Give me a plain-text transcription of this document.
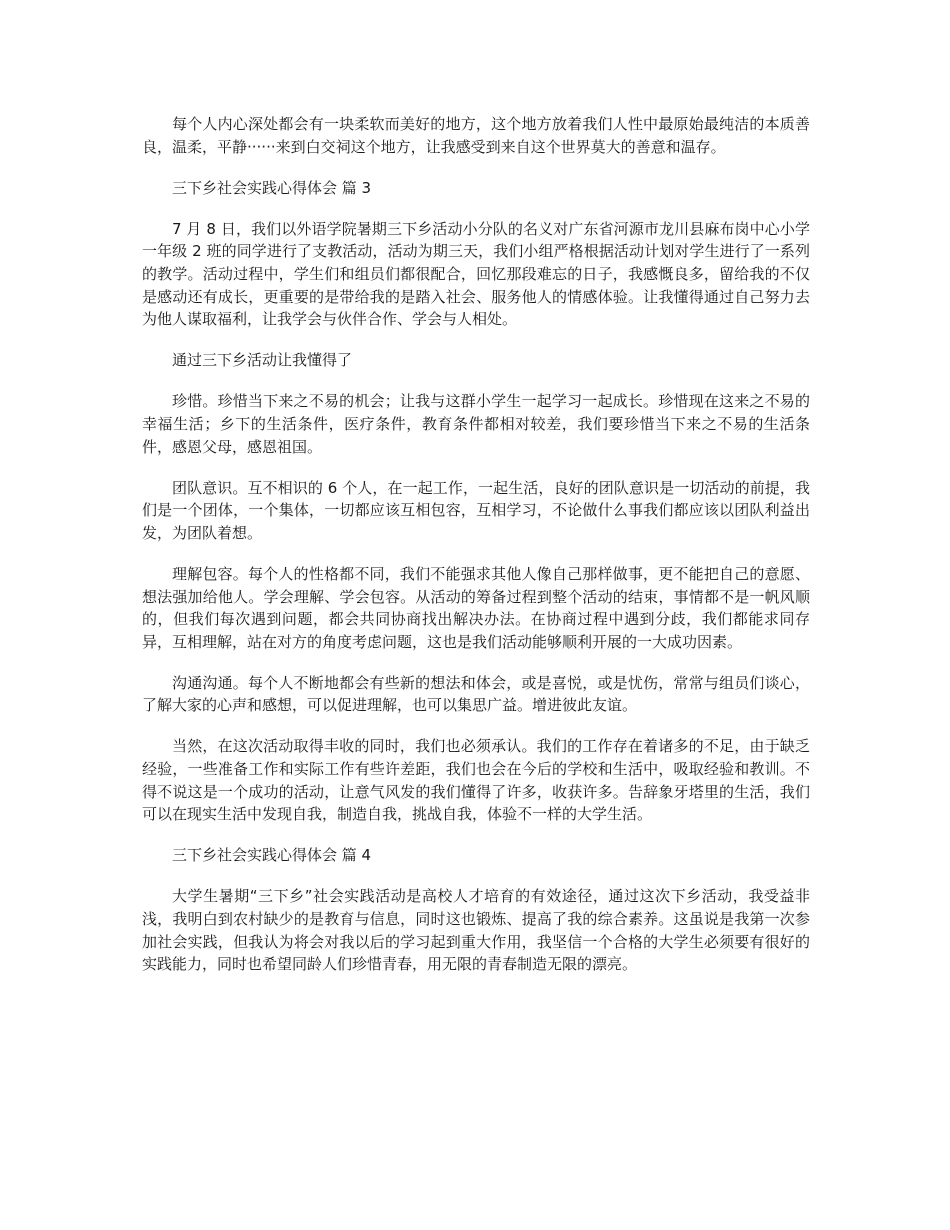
每个人内心深处都会有一块柔软而美好的地方，这个地方放着我们人性中最原始最纯洁的本质善良，温柔，平静······来到白交祠这个地方，让我感受到来自这个世界莫大的善意和温存。

三下乡社会实践心得体会 篇 3

7 月 8 日，我们以外语学院暑期三下乡活动小分队的名义对广东省河源市龙川县麻布岗中心小学一年级 2 班的同学进行了支教活动，活动为期三天，我们小组严格根据活动计划对学生进行了一系列的教学。活动过程中，学生们和组员们都很配合，回忆那段难忘的日子，我感慨良多，留给我的不仅是感动还有成长，更重要的是带给我的是踏入社会、服务他人的情感体验。让我懂得通过自己努力去为他人谋取福利，让我学会与伙伴合作、学会与人相处。

通过三下乡活动让我懂得了

珍惜。珍惜当下来之不易的机会；让我与这群小学生一起学习一起成长。珍惜现在这来之不易的幸福生活；乡下的生活条件，医疗条件，教育条件都相对较差，我们要珍惜当下来之不易的生活条件，感恩父母，感恩祖国。

团队意识。互不相识的 6 个人，在一起工作，一起生活，良好的团队意识是一切活动的前提，我们是一个团体，一个集体，一切都应该互相包容，互相学习，不论做什么事我们都应该以团队利益出发，为团队着想。

理解包容。每个人的性格都不同，我们不能强求其他人像自己那样做事，更不能把自己的意愿、想法强加给他人。学会理解、学会包容。从活动的筹备过程到整个活动的结束，事情都不是一帆风顺的，但我们每次遇到问题，都会共同协商找出解决办法。在协商过程中遇到分歧，我们都能求同存异，互相理解，站在对方的角度考虑问题，这也是我们活动能够顺利开展的一大成功因素。

沟通沟通。每个人不断地都会有些新的想法和体会，或是喜悦，或是忧伤，常常与组员们谈心，了解大家的心声和感想，可以促进理解，也可以集思广益。增进彼此友谊。

当然，在这次活动取得丰收的同时，我们也必须承认。我们的工作存在着诸多的不足，由于缺乏经验，一些准备工作和实际工作有些许差距，我们也会在今后的学校和生活中，吸取经验和教训。不得不说这是一个成功的活动，让意气风发的我们懂得了许多，收获许多。告辞象牙塔里的生活，我们可以在现实生活中发现自我，制造自我，挑战自我，体验不一样的大学生活。

三下乡社会实践心得体会 篇 4

大学生暑期“三下乡”社会实践活动是高校人才培育的有效途径，通过这次下乡活动，我受益非浅，我明白到农村缺少的是教育与信息，同时这也锻炼、提高了我的综合素养。这虽说是我第一次参加社会实践，但我认为将会对我以后的学习起到重大作用，我坚信一个合格的大学生必须要有很好的实践能力，同时也希望同龄人们珍惜青春，用无限的青春制造无限的漂亮。
